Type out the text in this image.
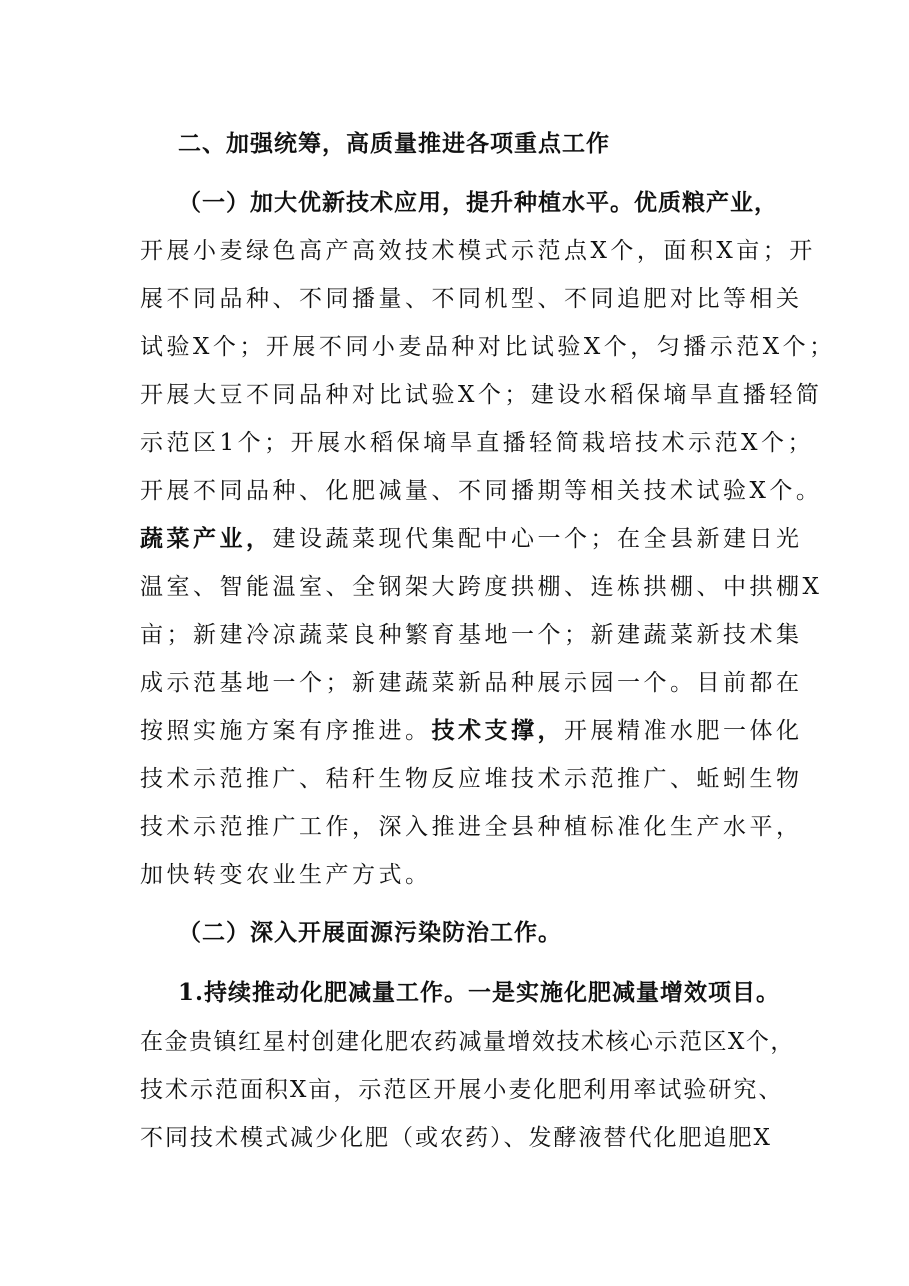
二、加强统筹，高质量推进各项重点工作
（一）加大优新技术应用，提升种植水平。优质粮产业，
开展小麦绿色高产高效技术模式示范点X个，面积X亩；开
展不同品种、不同播量、不同机型、不同追肥对比等相关
试验X个；开展不同小麦品种对比试验X个，匀播示范X个；
开展大豆不同品种对比试验X个；建设水稻保墒旱直播轻简
示范区1个；开展水稻保墒旱直播轻简栽培技术示范X个；
开展不同品种、化肥减量、不同播期等相关技术试验X个。
蔬菜产业，建设蔬菜现代集配中心一个；在全县新建日光
温室、智能温室、全钢架大跨度拱棚、连栋拱棚、中拱棚X
亩；新建冷凉蔬菜良种繁育基地一个；新建蔬菜新技术集
成示范基地一个；新建蔬菜新品种展示园一个。目前都在
按照实施方案有序推进。技术支撑，开展精准水肥一体化
技术示范推广、秸秆生物反应堆技术示范推广、蚯蚓生物
技术示范推广工作，深入推进全县种植标准化生产水平，
加快转变农业生产方式。
（二）深入开展面源污染防治工作。
1.持续推动化肥减量工作。一是实施化肥减量增效项目。
在金贵镇红星村创建化肥农药减量增效技术核心示范区X个，
技术示范面积X亩，示范区开展小麦化肥利用率试验研究、
不同技术模式减少化肥（或农药）、发酵液替代化肥追肥X
